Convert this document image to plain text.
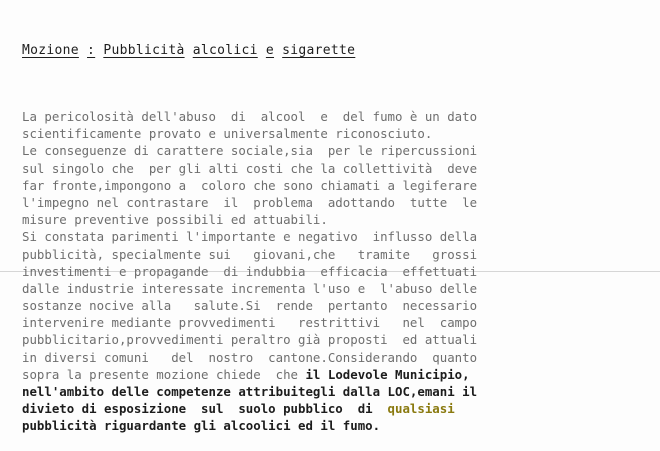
Mozione : Pubblicità alcolici e sigarette
La pericolosità dell'abuso  di  alcool  e  del fumo è un dato
scientificamente provato e universalmente riconosciuto.
Le conseguenze di carattere sociale,sia  per le ripercussioni
sul singolo che  per gli alti costi che la collettività  deve
far fronte,impongono a  coloro che sono chiamati a legiferare
l'impegno nel contrastare  il  problema  adottando  tutte  le
misure preventive possibili ed attuabili.
Si constata parimenti l'importante e negativo  influsso della
pubblicità, specialmente sui   giovani,che   tramite   grossi
investimenti e propagande  di indubbia  efficacia  effettuati
dalle industrie interessate incrementa l'uso e  l'abuso delle
sostanze nocive alla   salute.Si  rende  pertanto  necessario
intervenire mediante provvedimenti   restrittivi   nel  campo
pubblicitario,provvedimenti peraltro già proposti  ed attuali
in diversi comuni   del  nostro  cantone.Considerando  quanto
sopra la presente mozione chiede  che il Lodevole Municipio,
nell'ambito delle competenze attribuitegli dalla LOC,emani il
divieto di esposizione  sul  suolo pubblico  di  qualsiasi
pubblicità riguardante gli alcoolici ed il fumo.
